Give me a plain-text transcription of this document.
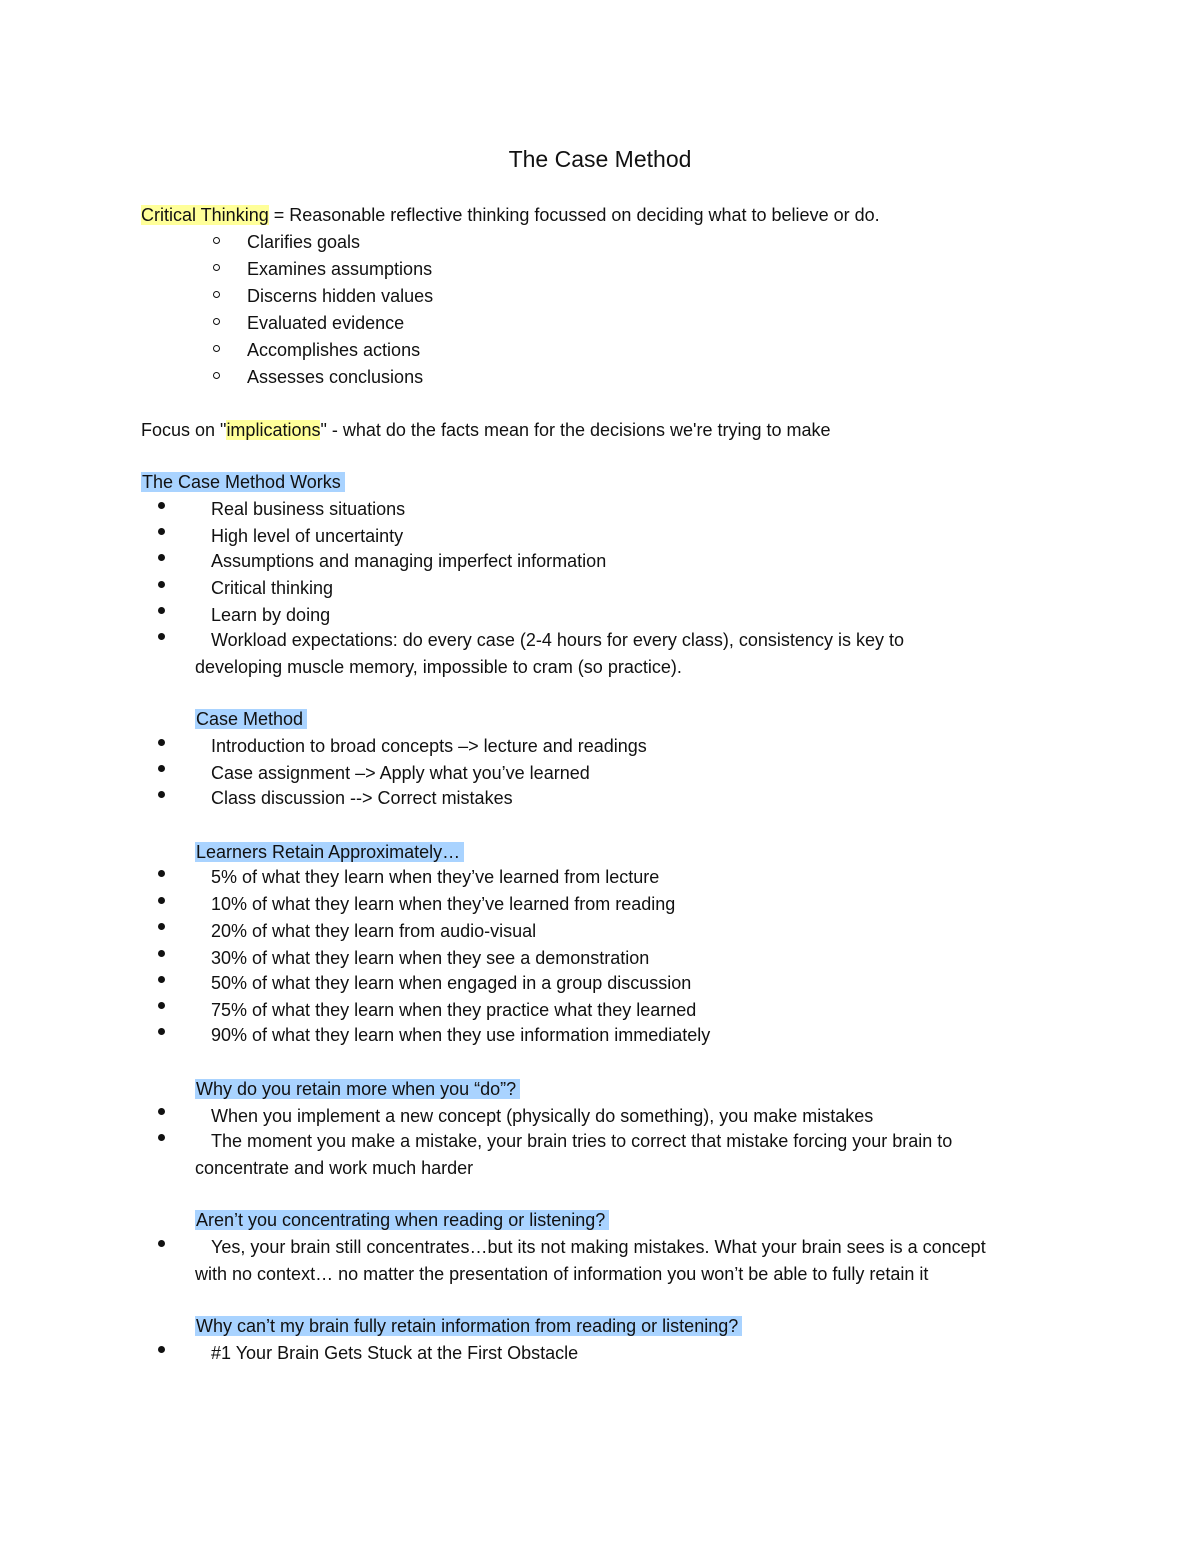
The Case Method
Critical Thinking = Reasonable reflective thinking focussed on deciding what to believe or do.
Clarifies goals
Examines assumptions
Discerns hidden values
Evaluated evidence
Accomplishes actions
Assesses conclusions
Focus on "implications" - what do the facts mean for the decisions we're trying to make
The Case Method Works
Real business situations
High level of uncertainty
Assumptions and managing imperfect information
Critical thinking
Learn by doing
Workload expectations: do every case (2-4 hours for every class), consistency is key to
developing muscle memory, impossible to cram (so practice).
Case Method
Introduction to broad concepts –> lecture and readings
Case assignment –> Apply what you’ve learned
Class discussion --> Correct mistakes
Learners Retain Approximately…
5% of what they learn when they’ve learned from lecture
10% of what they learn when they’ve learned from reading
20% of what they learn from audio-visual
30% of what they learn when they see a demonstration
50% of what they learn when engaged in a group discussion
75% of what they learn when they practice what they learned
90% of what they learn when they use information immediately
Why do you retain more when you “do”?
When you implement a new concept (physically do something), you make mistakes
The moment you make a mistake, your brain tries to correct that mistake forcing your brain to
concentrate and work much harder
Aren’t you concentrating when reading or listening?
Yes, your brain still concentrates…but its not making mistakes. What your brain sees is a concept
with no context… no matter the presentation of information you won’t be able to fully retain it
Why can’t my brain fully retain information from reading or listening?
#1 Your Brain Gets Stuck at the First Obstacle
